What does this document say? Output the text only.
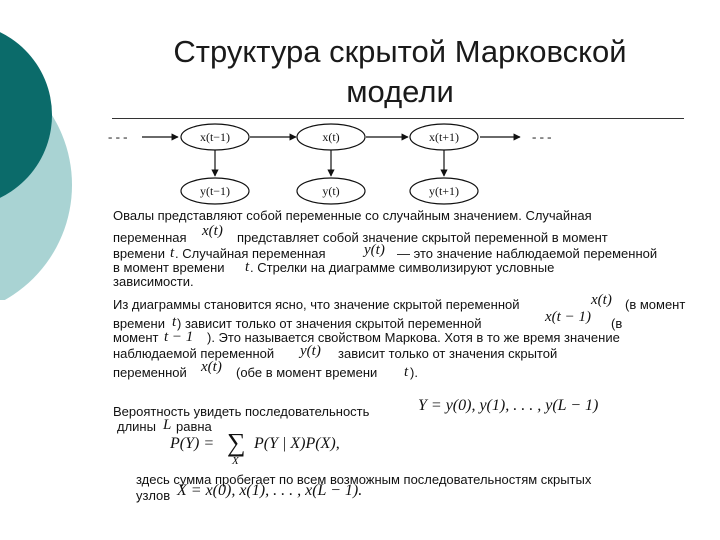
Структура скрытой Марковской
модели
- - -	- - -
x(t−1)	x(t)	x(t+1)
y(t−1)	y(t)	y(t+1)
Овалы представляют собой переменные со случайным значением. Случайная
переменная x(t) представляет собой значение скрытой переменной в момент
времени t . Случайная переменная	y(t) — это значение наблюдаемой переменной
в момент времени t . Стрелки на диаграмме символизируют условные
зависимости.
Из диаграммы становится ясно, что значение скрытой переменной	x(t) (в момент
времени t ) зависит только от значения скрытой переменной	x(t − 1) (в
момент t − 1 ). Это называется свойством Маркова. Хотя в то же время значение
наблюдаемой переменной y(t) зависит только от значения скрытой
переменной x(t) (обе в момент времени t ).
Вероятность увидеть последовательность	Y = y(0), y(1), . . . , y(L − 1)
длины L равна
P(Y) = ∑
X
P(Y | X)P(X),
здесь сумма пробегает по всем возможным последовательностям скрытых
узлов X = x(0), x(1), . . . , x(L − 1).
